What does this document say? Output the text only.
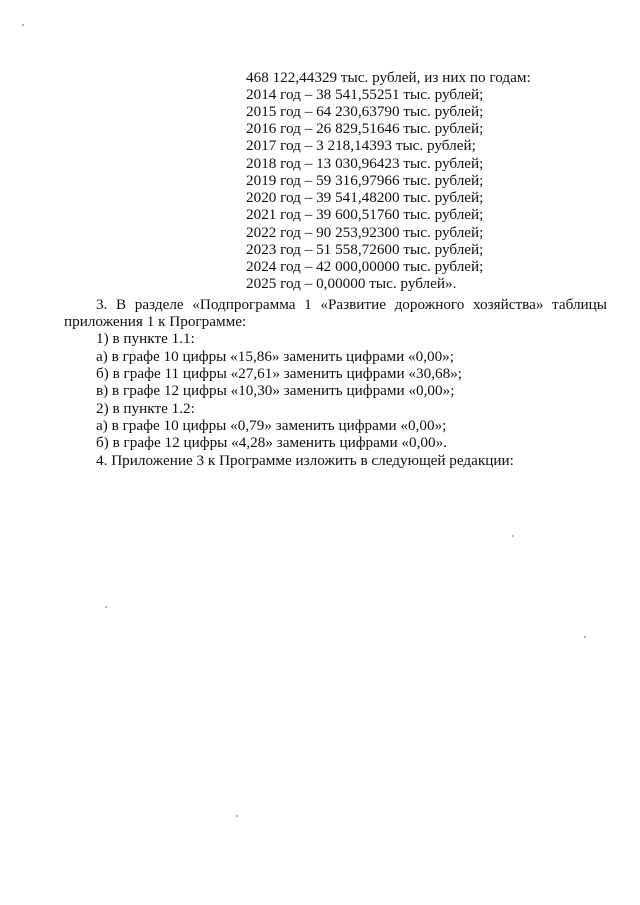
468 122,44329 тыс. рублей, из них по годам:
2014 год – 38 541,55251 тыс. рублей;
2015 год – 64 230,63790 тыс. рублей;
2016 год – 26 829,51646 тыс. рублей;
2017 год – 3 218,14393 тыс. рублей;
2018 год – 13 030,96423 тыс. рублей;
2019 год – 59 316,97966 тыс. рублей;
2020 год – 39 541,48200 тыс. рублей;
2021 год – 39 600,51760 тыс. рублей;
2022 год – 90 253,92300 тыс. рублей;
2023 год – 51 558,72600 тыс. рублей;
2024 год – 42 000,00000 тыс. рублей;
2025 год – 0,00000 тыс. рублей».
3. В разделе «Подпрограмма 1 «Развитие дорожного хозяйства» таблицы
приложения 1 к Программе:
1) в пункте 1.1:
а) в графе 10 цифры «15,86» заменить цифрами «0,00»;
б) в графе 11 цифры «27,61» заменить цифрами «30,68»;
в) в графе 12 цифры «10,30» заменить цифрами «0,00»;
2) в пункте 1.2:
а) в графе 10 цифры «0,79» заменить цифрами «0,00»;
б) в графе 12 цифры «4,28» заменить цифрами «0,00».
4. Приложение 3 к Программе изложить в следующей редакции:
